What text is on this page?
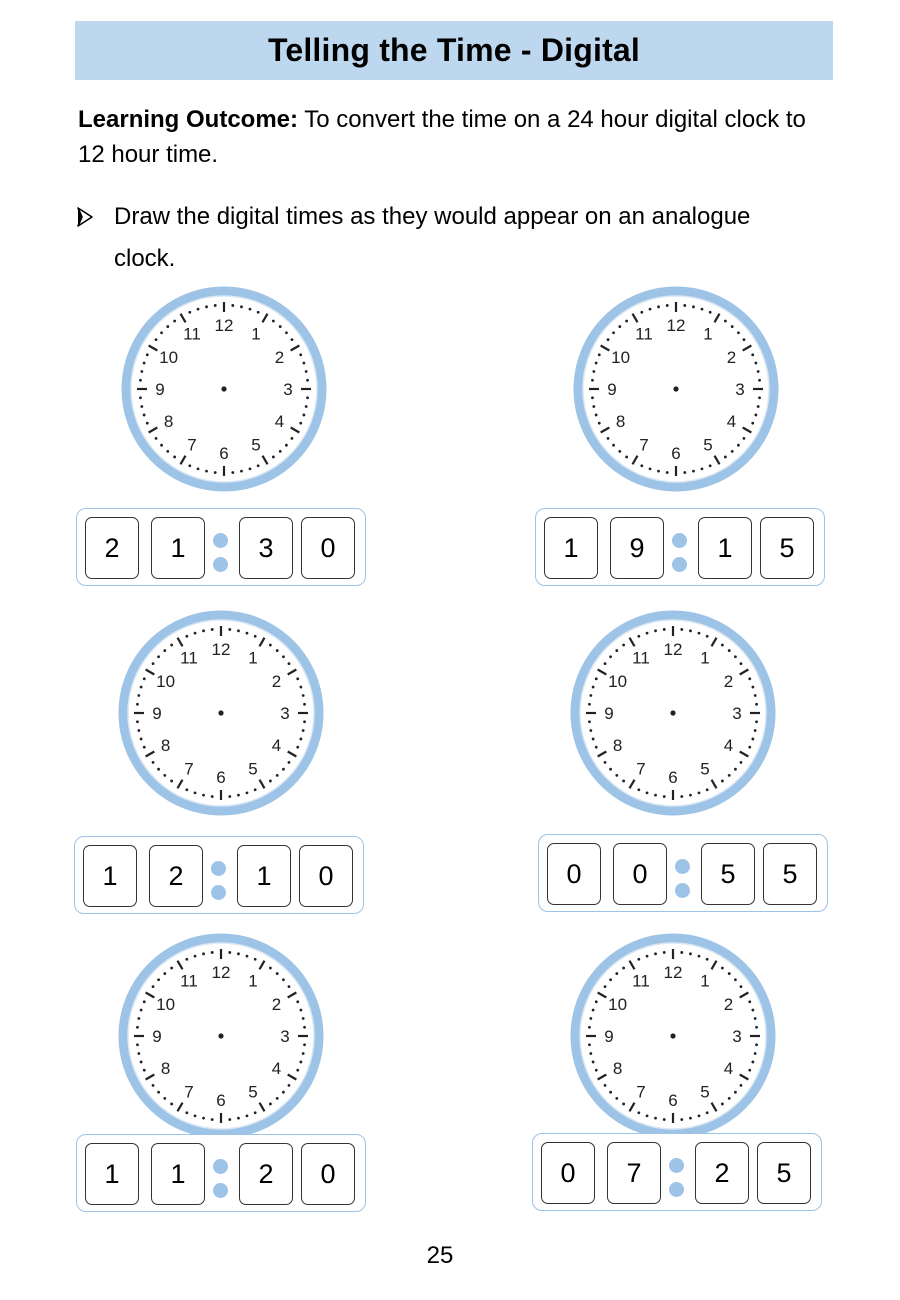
Telling the Time - Digital
Learning Outcome: To convert the time on a 24 hour digital clock to 12 hour time.
Draw the digital times as they would appear on an analogue clock.
12 1
2
3
4
5
6
7
8
9
10
11
2	1	3	0
12 1
2
3
4
5
6
7
8
9
10
11
1	9	1	5
12 1
2
3
4
5
6
7
8
9
10
11
1	2	1	0
12 1
2
3
4
5
6
7
8
9
10
11
0	0	5	5
12 1
2
3
4
5
6
7
8
9
10
11
1	1	2	0
12 1
2
3
4
5
6
7
8
9
10
11
0	7	2	5
25
